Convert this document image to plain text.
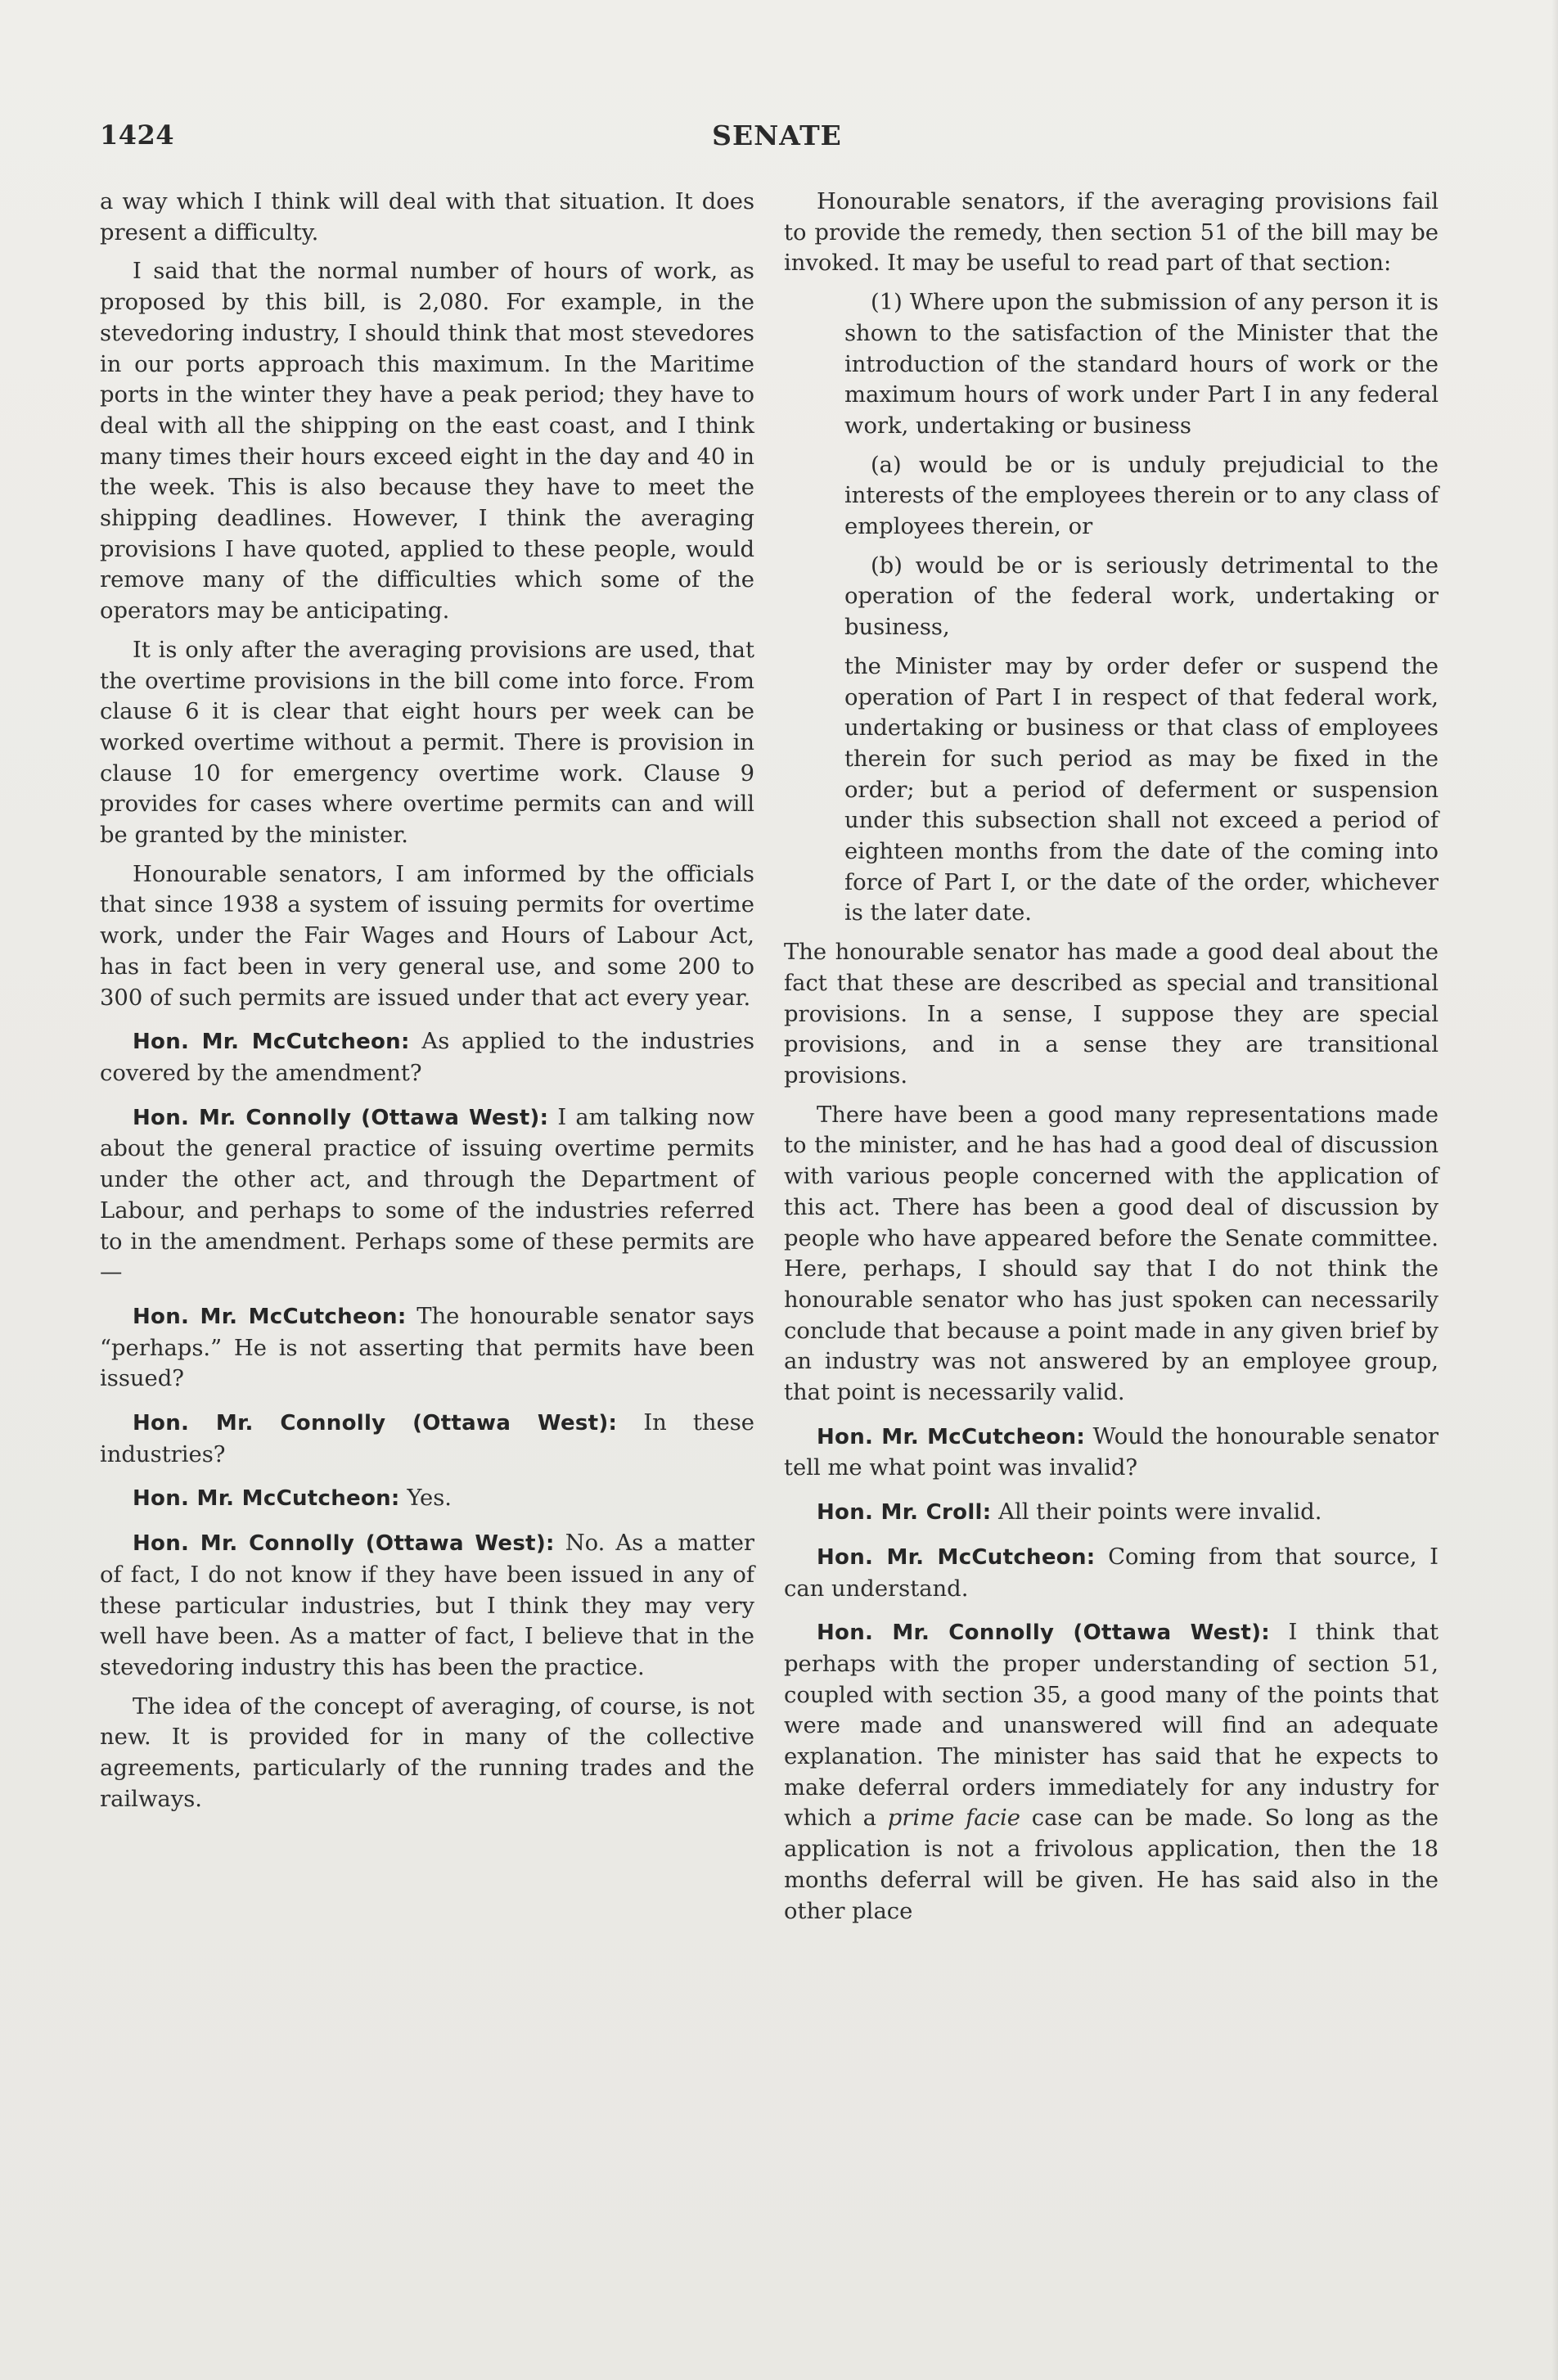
1424	SENATE

a way which I think will deal with that situation. It does present a difficulty.

I said that the normal number of hours of work, as proposed by this bill, is 2,080. For example, in the stevedoring industry, I should think that most stevedores in our ports approach this maximum. In the Maritime ports in the winter they have a peak period; they have to deal with all the shipping on the east coast, and I think many times their hours exceed eight in the day and 40 in the week. This is also because they have to meet the shipping deadlines. However, I think the averaging provisions I have quoted, applied to these people, would remove many of the difficulties which some of the operators may be anticipating.

It is only after the averaging provisions are used, that the overtime provisions in the bill come into force. From clause 6 it is clear that eight hours per week can be worked overtime without a permit. There is provision in clause 10 for emergency overtime work. Clause 9 provides for cases where overtime permits can and will be granted by the minister.

Honourable senators, I am informed by the officials that since 1938 a system of issuing permits for overtime work, under the Fair Wages and Hours of Labour Act, has in fact been in very general use, and some 200 to 300 of such permits are issued under that act every year.

Hon. Mr. McCutcheon: As applied to the industries covered by the amendment?

Hon. Mr. Connolly (Ottawa West): I am talking now about the general practice of issuing overtime permits under the other act, and through the Department of Labour, and perhaps to some of the industries referred to in the amendment. Perhaps some of these permits are—

Hon. Mr. McCutcheon: The honourable senator says “perhaps.” He is not asserting that permits have been issued?

Hon. Mr. Connolly (Ottawa West): In these industries?

Hon. Mr. McCutcheon: Yes.

Hon. Mr. Connolly (Ottawa West): No. As a matter of fact, I do not know if they have been issued in any of these particular industries, but I think they may very well have been. As a matter of fact, I believe that in the stevedoring industry this has been the practice.

The idea of the concept of averaging, of course, is not new. It is provided for in many of the collective agreements, particularly of the running trades and the railways.

Honourable senators, if the averaging provisions fail to provide the remedy, then section 51 of the bill may be invoked. It may be useful to read part of that section:

(1) Where upon the submission of any person it is shown to the satisfaction of the Minister that the introduction of the standard hours of work or the maximum hours of work under Part I in any federal work, undertaking or business

(a) would be or is unduly prejudicial to the interests of the employees therein or to any class of employees therein, or

(b) would be or is seriously detrimental to the operation of the federal work, undertaking or business,

the Minister may by order defer or suspend the operation of Part I in respect of that federal work, undertaking or business or that class of employees therein for such period as may be fixed in the order; but a period of deferment or suspension under this subsection shall not exceed a period of eighteen months from the date of the coming into force of Part I, or the date of the order, whichever is the later date.

The honourable senator has made a good deal about the fact that these are described as special and transitional provisions. In a sense, I suppose they are special provisions, and in a sense they are transitional provisions.

There have been a good many representations made to the minister, and he has had a good deal of discussion with various people concerned with the application of this act. There has been a good deal of discussion by people who have appeared before the Senate committee. Here, perhaps, I should say that I do not think the honourable senator who has just spoken can necessarily conclude that because a point made in any given brief by an industry was not answered by an employee group, that point is necessarily valid.

Hon. Mr. McCutcheon: Would the honourable senator tell me what point was invalid?

Hon. Mr. Croll: All their points were invalid.

Hon. Mr. McCutcheon: Coming from that source, I can understand.

Hon. Mr. Connolly (Ottawa West): I think that perhaps with the proper understanding of section 51, coupled with section 35, a good many of the points that were made and unanswered will find an adequate explanation. The minister has said that he expects to make deferral orders immediately for any industry for which a prime facie case can be made. So long as the application is not a frivolous application, then the 18 months deferral will be given. He has said also in the other place
